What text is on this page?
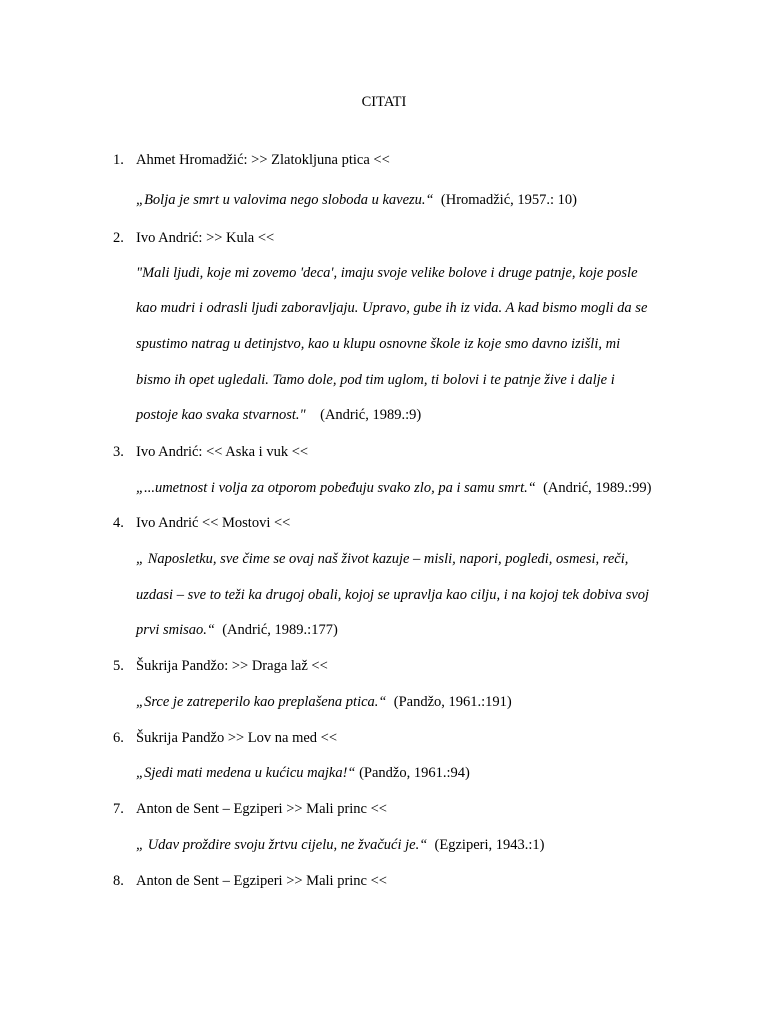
CITATI
1. Ahmet Hromadžić: >> Zlatokljuna ptica <<
„Bolja je smrt u valovima nego sloboda u kavezu.“ (Hromadžić, 1957.: 10)
2. Ivo Andrić: >> Kula <<
"Mali ljudi, koje mi zovemo 'deca', imaju svoje velike bolove i druge patnje, koje posle
kao mudri i odrasli ljudi zaboravljaju. Upravo, gube ih iz vida. A kad bismo mogli da se
spustimo natrag u detinjstvo, kao u klupu osnovne škole iz koje smo davno izišli, mi
bismo ih opet ugledali. Tamo dole, pod tim uglom, ti bolovi i te patnje žive i dalje i
postoje kao svaka stvarnost." (Andrić, 1989.:9)
3. Ivo Andrić: << Aska i vuk <<
„...umetnost i volja za otporom pobeđuju svako zlo, pa i samu smrt.“ (Andrić, 1989.:99)
4. Ivo Andrić << Mostovi <<
„ Naposletku, sve čime se ovaj naš život kazuje – misli, napori, pogledi, osmesi, reči,
uzdasi – sve to teži ka drugoj obali, kojoj se upravlja kao cilju, i na kojoj tek dobiva svoj
prvi smisao.“ (Andrić, 1989.:177)
5. Šukrija Pandžo: >> Draga laž <<
„Srce je zatreperilo kao preplašena ptica.“ (Pandžo, 1961.:191)
6. Šukrija Pandžo >> Lov na med <<
„Sjedi mati medena u kućicu majka!“ (Pandžo, 1961.:94)
7. Anton de Sent – Egziperi >> Mali princ <<
„ Udav proždire svoju žrtvu cijelu, ne žvačući je.“ (Egziperi, 1943.:1)
8. Anton de Sent – Egziperi >> Mali princ <<
